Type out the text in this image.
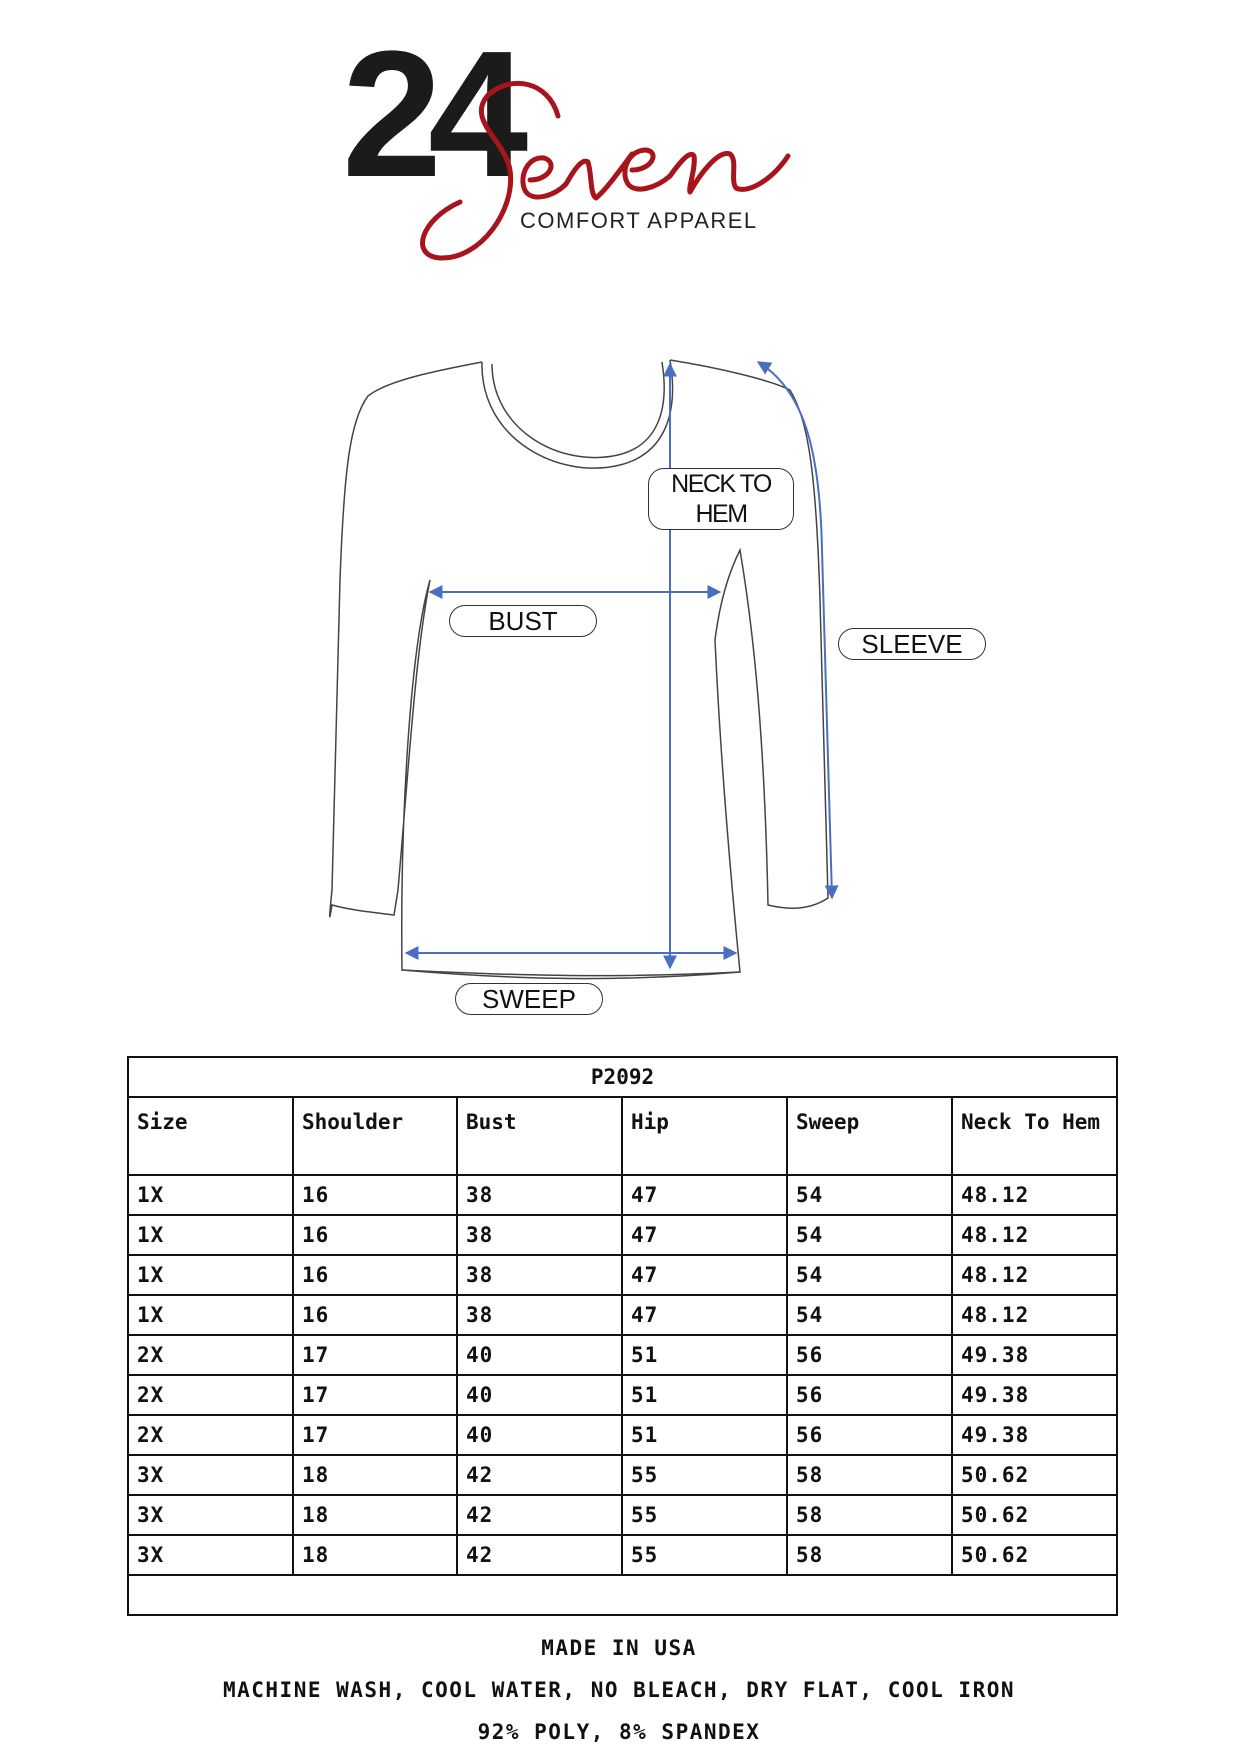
24
COMFORT APPAREL
NECK TO HEM
BUST
SLEEVE
SWEEP
P2092					
Size	Shoulder	Bust	Hip	Sweep	Neck To Hem
1X	16	38	47	54	48.12
1X	16	38	47	54	48.12
1X	16	38	47	54	48.12
1X	16	38	47	54	48.12
2X	17	40	51	56	49.38
2X	17	40	51	56	49.38
2X	17	40	51	56	49.38
3X	18	42	55	58	50.62
3X	18	42	55	58	50.62
3X	18	42	55	58	50.62

MADE IN USA
MACHINE WASH, COOL WATER, NO BLEACH, DRY FLAT, COOL IRON
92% POLY, 8% SPANDEX
